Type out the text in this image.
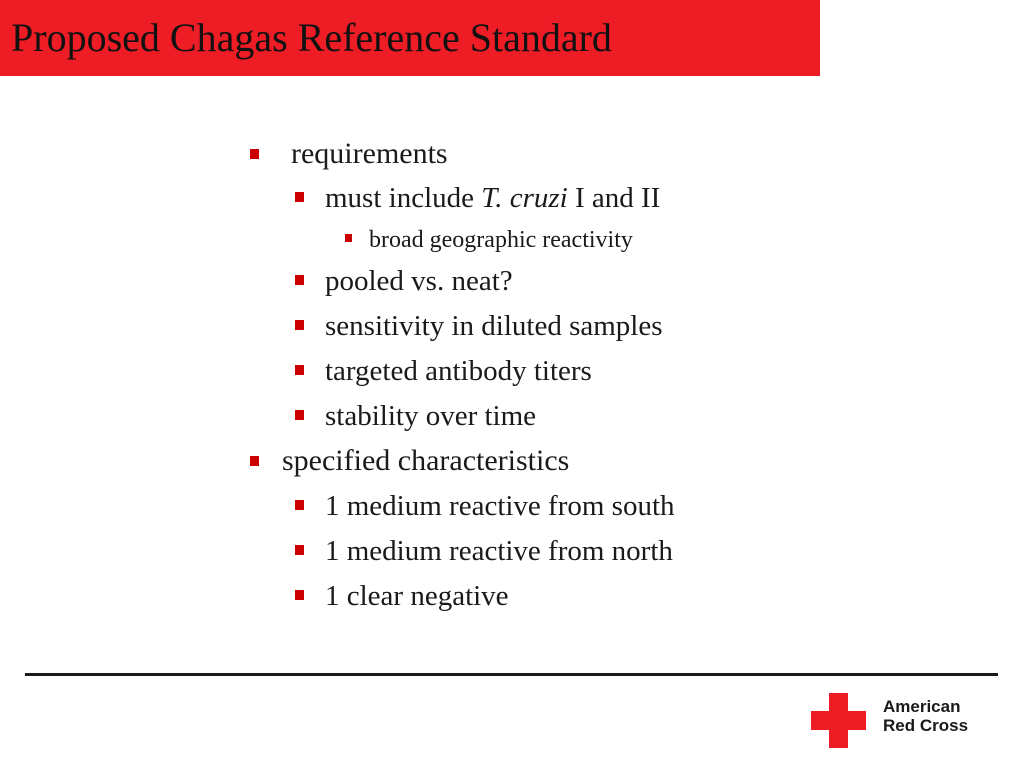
Proposed Chagas Reference Standard
requirements
must include T. cruzi I and II
broad geographic reactivity
pooled vs. neat?
sensitivity in diluted samples
targeted antibody titers
stability over time
specified characteristics
1 medium reactive from south
1 medium reactive from north
1 clear negative
American
Red Cross
